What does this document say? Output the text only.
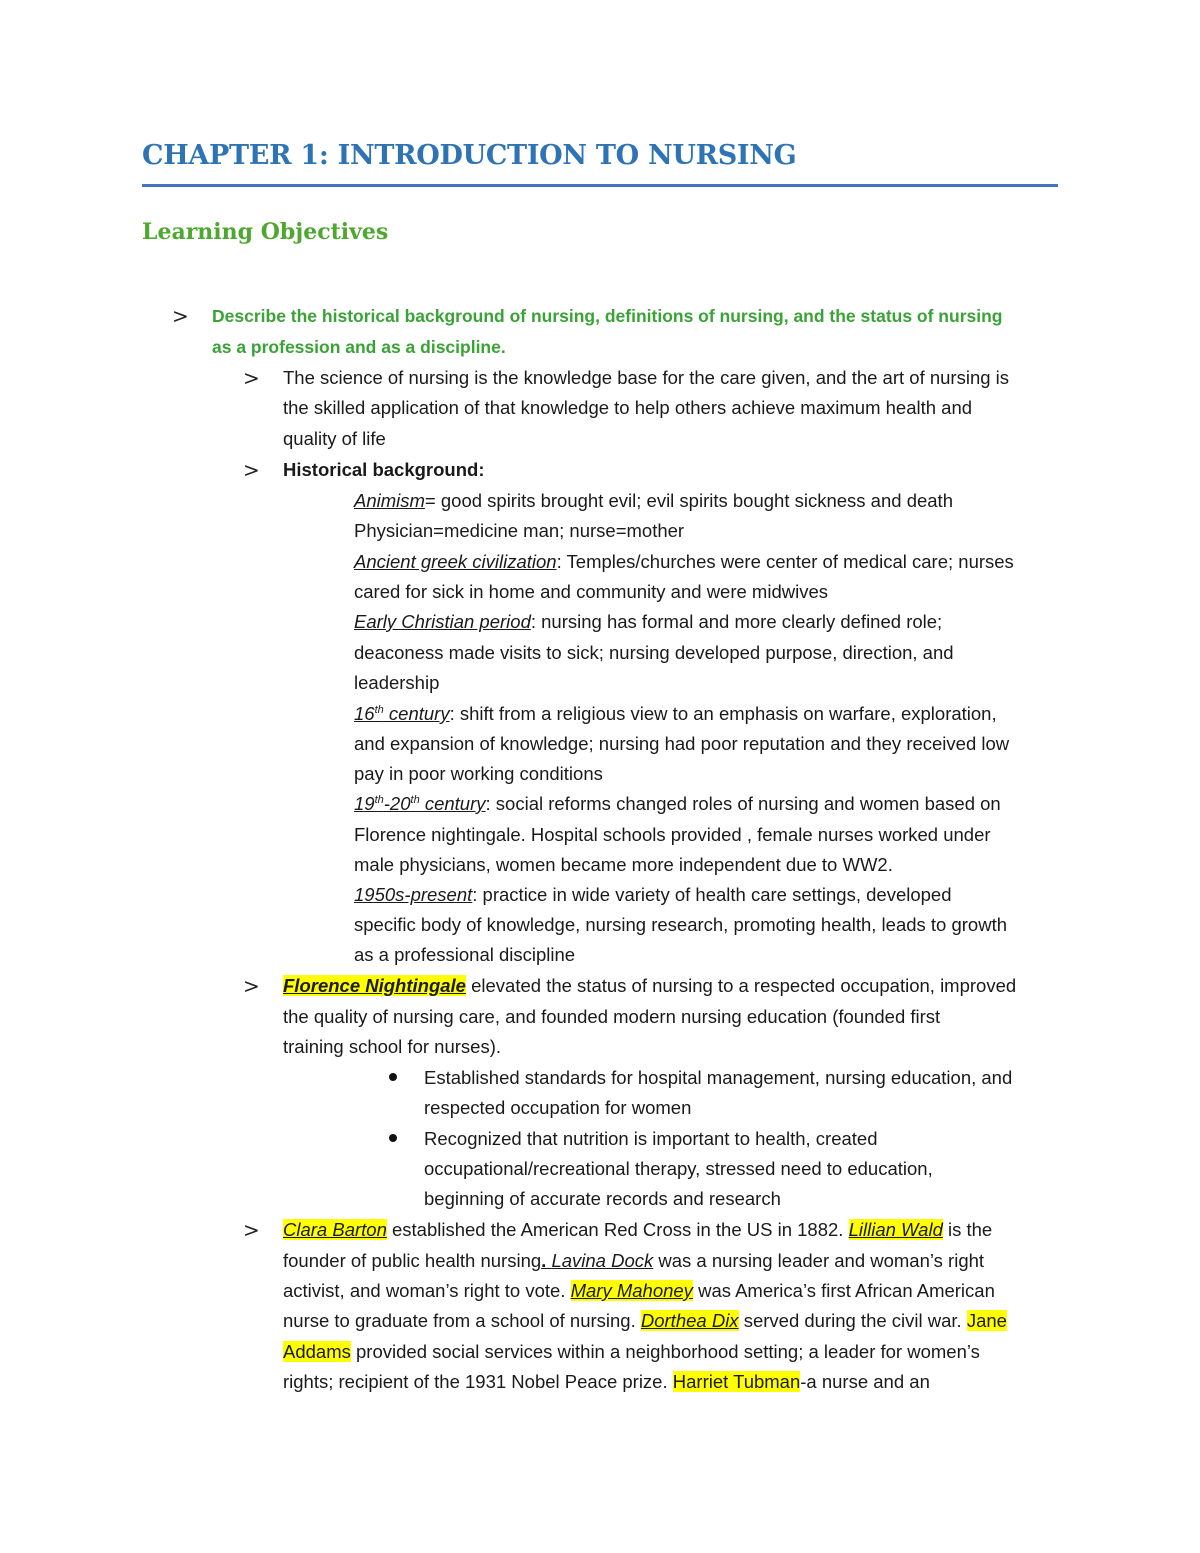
CHAPTER 1: INTRODUCTION TO NURSING
Learning Objectives
> Describe the historical background of nursing, definitions of nursing, and the status of nursing

as a profession and as a discipline.

> The science of nursing is the knowledge base for the care given, and the art of nursing is

the skilled application of that knowledge to help others achieve maximum health and

quality of life

> Historical background:

Animism= good spirits brought evil; evil spirits bought sickness and death

Physician=medicine man; nurse=mother

Ancient greek civilization: Temples/churches were center of medical care; nurses

cared for sick in home and community and were midwives

Early Christian period: nursing has formal and more clearly defined role;

deaconess made visits to sick; nursing developed purpose, direction, and

leadership

16th century: shift from a religious view to an emphasis on warfare, exploration,

and expansion of knowledge; nursing had poor reputation and they received low

pay in poor working conditions

19th-20th century: social reforms changed roles of nursing and women based on

Florence nightingale. Hospital schools provided , female nurses worked under

male physicians, women became more independent due to WW2.

1950s-present: practice in wide variety of health care settings, developed

specific body of knowledge, nursing research, promoting health, leads to growth

as a professional discipline

> Florence Nightingale elevated the status of nursing to a respected occupation, improved

the quality of nursing care, and founded modern nursing education (founded first

training school for nurses).

Established standards for hospital management, nursing education, and

respected occupation for women

Recognized that nutrition is important to health, created

occupational/recreational therapy, stressed need to education,

beginning of accurate records and research

> Clara Barton established the American Red Cross in the US in 1882. Lillian Wald is the

founder of public health nursing. Lavina Dock was a nursing leader and woman’s right

activist, and woman’s right to vote. Mary Mahoney was America’s first African American

nurse to graduate from a school of nursing. Dorthea Dix served during the civil war. Jane

Addams provided social services within a neighborhood setting; a leader for women’s

rights; recipient of the 1931 Nobel Peace prize. Harriet Tubman-a nurse and an
